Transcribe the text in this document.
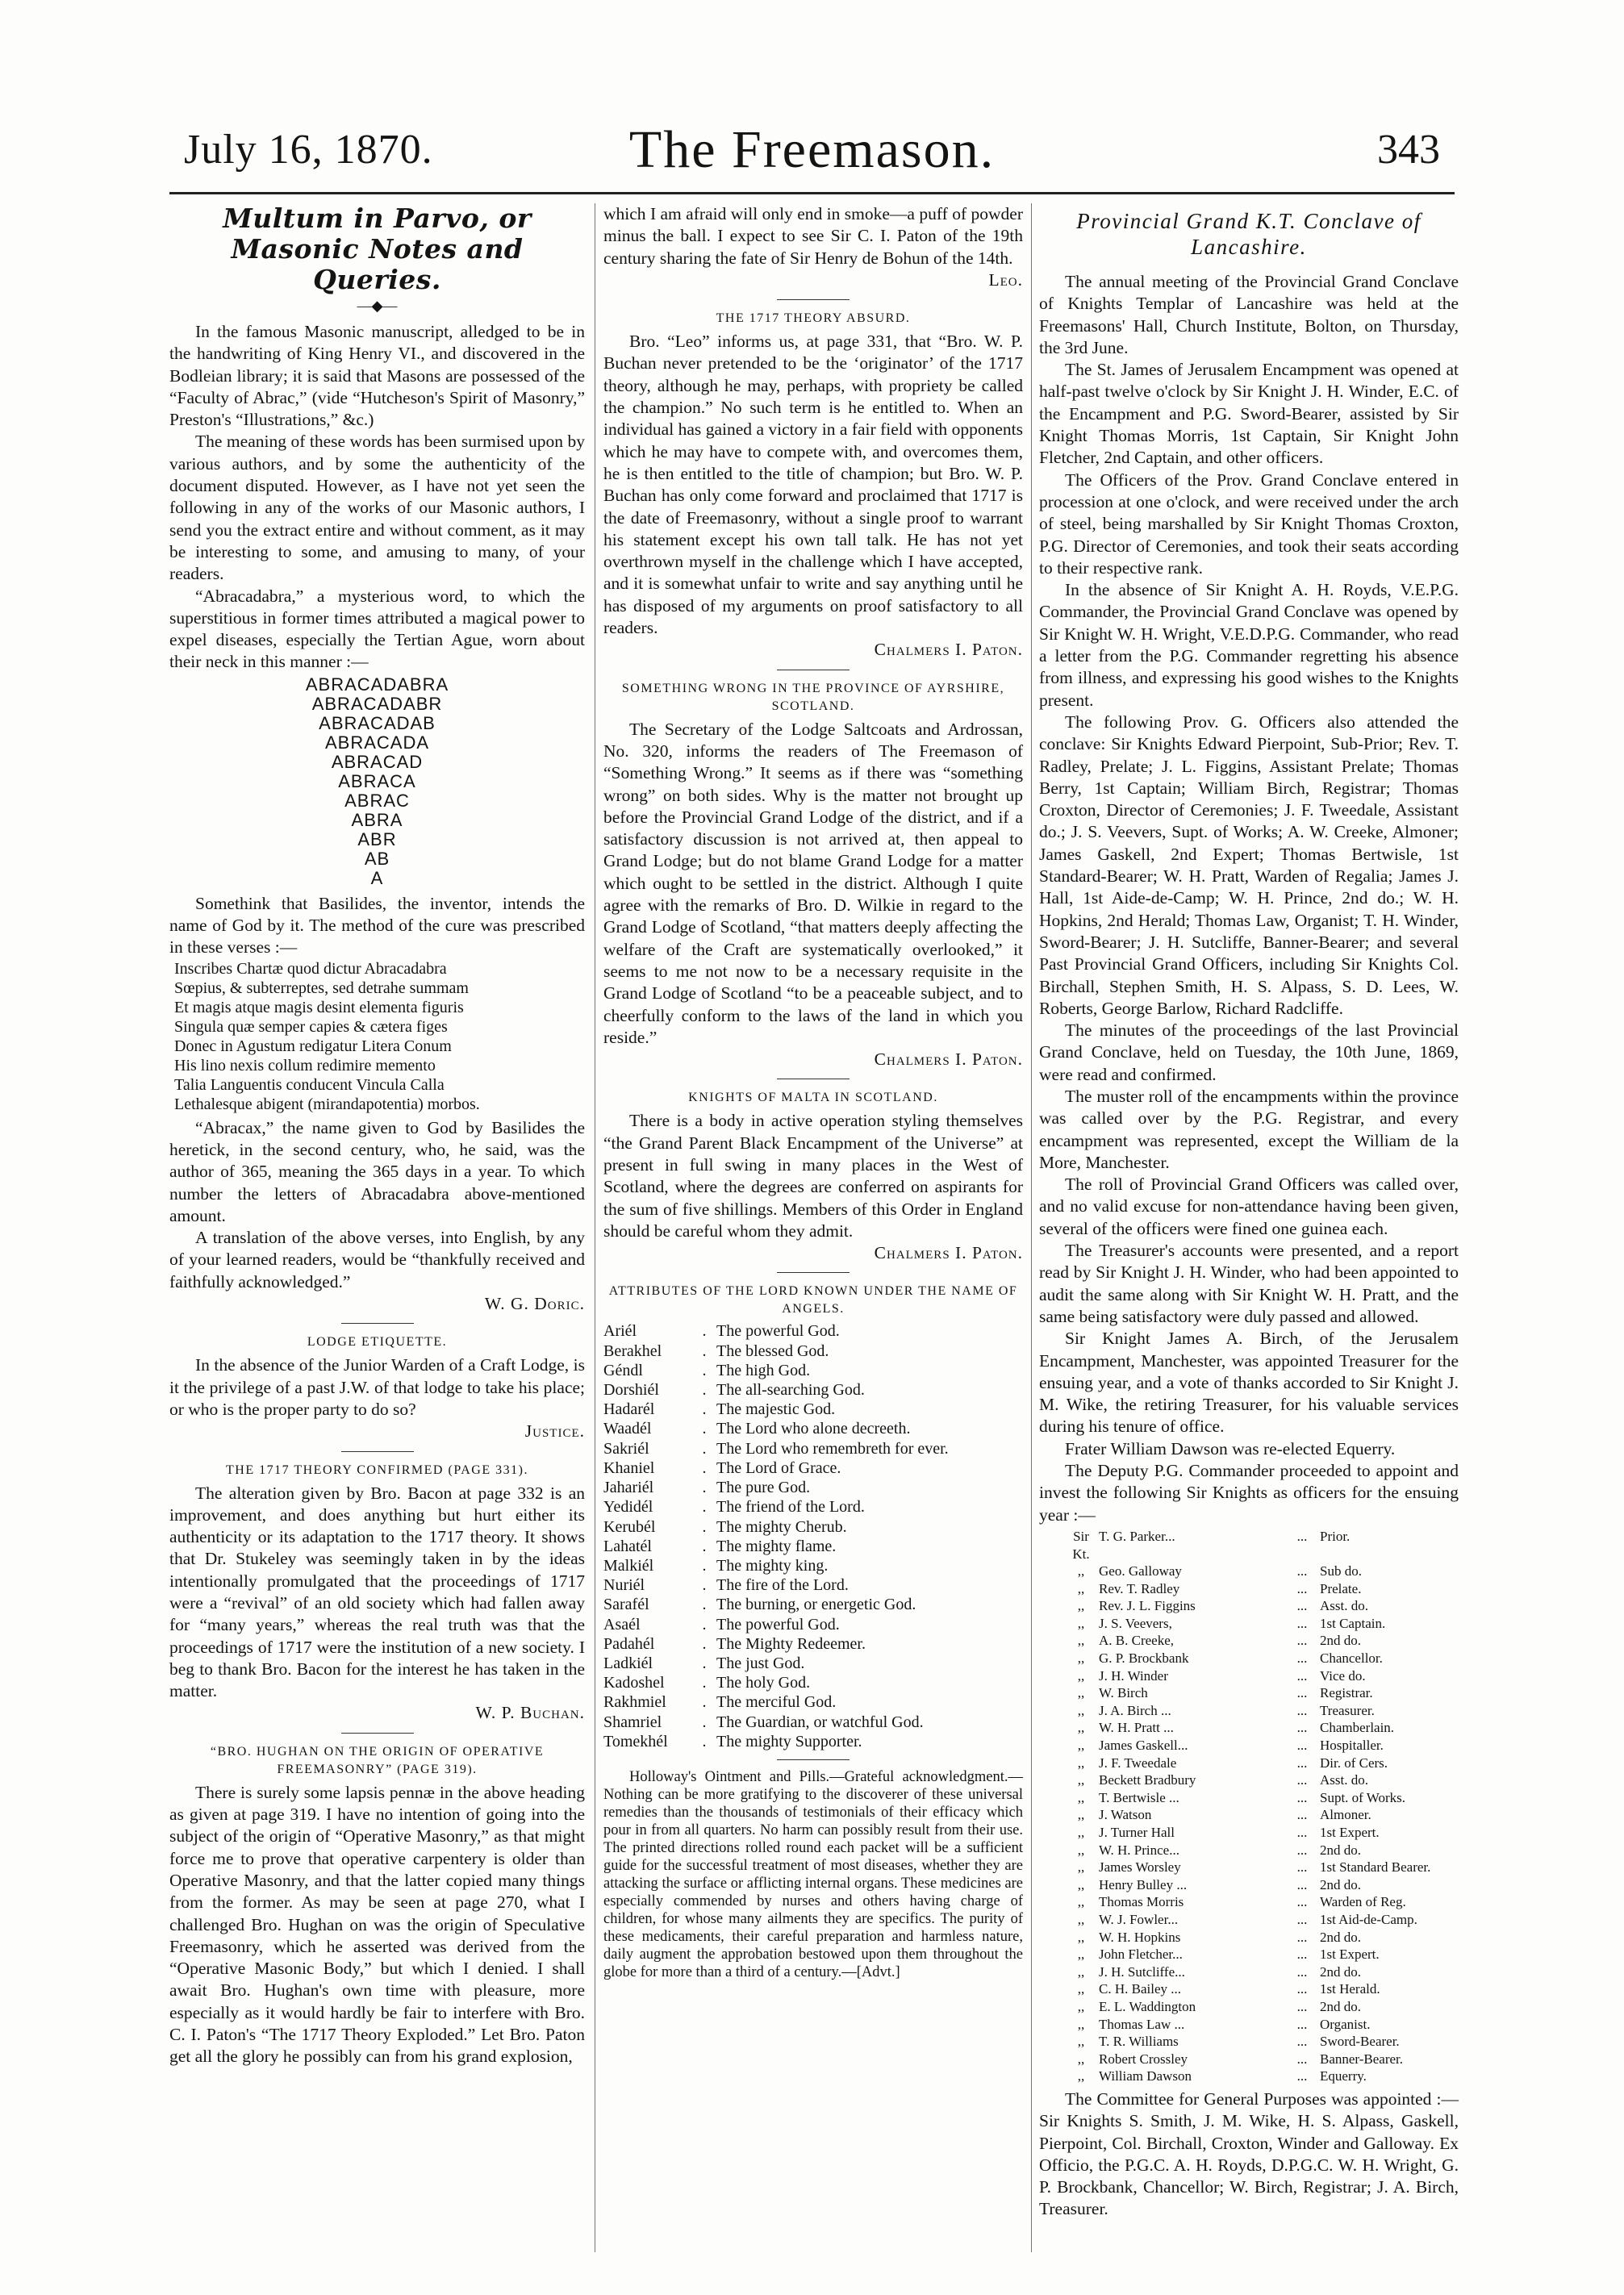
July 16, 1870.	The Freemason.	343
Multum in Parvo, or Masonic Notes and Queries.
—◆—

In the famous Masonic manuscript, alledged to be in the handwriting of King Henry VI., and discovered in the Bodleian library; it is said that Masons are possessed of the “Faculty of Abrac,” (vide “Hutcheson's Spirit of Masonry,” Preston's “Illustrations,” &c.)

The meaning of these words has been surmised upon by various authors, and by some the authenticity of the document disputed. However, as I have not yet seen the following in any of the works of our Masonic authors, I send you the extract entire and without comment, as it may be interesting to some, and amusing to many, of your readers.

“Abracadabra,” a mysterious word, to which the superstitious in former times attributed a magical power to expel diseases, especially the Tertian Ague, worn about their neck in this manner :—

ABRACADABRA
ABRACADABR
ABRACADAB
ABRACADA
ABRACAD
ABRACA
ABRAC
ABRA
ABR
AB
A

Somethink that Basilides, the inventor, intends the name of God by it. The method of the cure was prescribed in these verses :—

Inscribes Chartæ quod dictur Abracadabra
Sœpius, & subterreptes, sed detrahe summam
Et magis atque magis desint elementa figuris
Singula quæ semper capies & cætera figes
Donec in Agustum redigatur Litera Conum
His lino nexis collum redimire memento
Talia Languentis conducent Vincula Calla
Lethalesque abigent (mirandapotentia) morbos.

“Abracax,” the name given to God by Basilides the heretick, in the second century, who, he said, was the author of 365, meaning the 365 days in a year. To which number the letters of Abracadabra above-mentioned amount.

A translation of the above verses, into English, by any of your learned readers, would be “thankfully received and faithfully acknowledged.”

W. G. Doric.
LODGE ETIQUETTE.

In the absence of the Junior Warden of a Craft Lodge, is it the privilege of a past J.W. of that lodge to take his place; or who is the proper party to do so?

Justice.
THE 1717 THEORY CONFIRMED (PAGE 331).

The alteration given by Bro. Bacon at page 332 is an improvement, and does anything but hurt either its authenticity or its adaptation to the 1717 theory. It shows that Dr. Stukeley was seemingly taken in by the ideas intentionally promulgated that the proceedings of 1717 were a “revival” of an old society which had fallen away for “many years,” whereas the real truth was that the proceedings of 1717 were the institution of a new society. I beg to thank Bro. Bacon for the interest he has taken in the matter.

W. P. Buchan.
“BRO. HUGHAN ON THE ORIGIN OF OPERATIVE FREEMASONRY” (PAGE 319).

There is surely some lapsis pennæ in the above heading as given at page 319. I have no intention of going into the subject of the origin of “Operative Masonry,” as that might force me to prove that operative carpentery is older than Operative Masonry, and that the latter copied many things from the former. As may be seen at page 270, what I challenged Bro. Hughan on was the origin of Speculative Freemasonry, which he asserted was derived from the “Operative Masonic Body,” but which I denied. I shall await Bro. Hughan's own time with pleasure, more especially as it would hardly be fair to interfere with Bro. C. I. Paton's “The 1717 Theory Exploded.” Let Bro. Paton get all the glory he possibly can from his grand explosion,

which I am afraid will only end in smoke—a puff of powder minus the ball. I expect to see Sir C. I. Paton of the 19th century sharing the fate of Sir Henry de Bohun of the 14th.

Leo.
THE 1717 THEORY ABSURD.

Bro. “Leo” informs us, at page 331, that “Bro. W. P. Buchan never pretended to be the ‘originator’ of the 1717 theory, although he may, perhaps, with propriety be called the champion.” No such term is he entitled to. When an individual has gained a victory in a fair field with opponents which he may have to compete with, and overcomes them, he is then entitled to the title of champion; but Bro. W. P. Buchan has only come forward and proclaimed that 1717 is the date of Freemasonry, without a single proof to warrant his statement except his own tall talk. He has not yet overthrown myself in the challenge which I have accepted, and it is somewhat unfair to write and say anything until he has disposed of my arguments on proof satisfactory to all readers.

Chalmers I. Paton.
SOMETHING WRONG IN THE PROVINCE OF AYRSHIRE, SCOTLAND.

The Secretary of the Lodge Saltcoats and Ardrossan, No. 320, informs the readers of The Freemason of “Something Wrong.” It seems as if there was “something wrong” on both sides. Why is the matter not brought up before the Provincial Grand Lodge of the district, and if a satisfactory discussion is not arrived at, then appeal to Grand Lodge; but do not blame Grand Lodge for a matter which ought to be settled in the district. Although I quite agree with the remarks of Bro. D. Wilkie in regard to the Grand Lodge of Scotland, “that matters deeply affecting the welfare of the Craft are systematically overlooked,” it seems to me not now to be a necessary requisite in the Grand Lodge of Scotland “to be a peaceable subject, and to cheerfully conform to the laws of the land in which you reside.”

Chalmers I. Paton.
KNIGHTS OF MALTA IN SCOTLAND.

There is a body in active operation styling themselves “the Grand Parent Black Encampment of the Universe” at present in full swing in many places in the West of Scotland, where the degrees are conferred on aspirants for the sum of five shillings. Members of this Order in England should be careful whom they admit.

Chalmers I. Paton.
ATTRIBUTES OF THE LORD KNOWN UNDER THE NAME OF ANGELS.
Ariél	.	The powerful God.
Berakhel	.	The blessed God.
Géndl	.	The high God.
Dorshiél	.	The all-searching God.
Hadarél	.	The majestic God.
Waadél	.	The Lord who alone decreeth.
Sakriél	.	The Lord who remembreth for ever.
Khaniel	.	The Lord of Grace.
Jahariél	.	The pure God.
Yedidél	.	The friend of the Lord.
Kerubél	.	The mighty Cherub.
Lahatél	.	The mighty flame.
Malkiél	.	The mighty king.
Nuriél	.	The fire of the Lord.
Sarafél	.	The burning, or energetic God.
Asaél	.	The powerful God.
Padahél	.	The Mighty Redeemer.
Ladkiél	.	The just God.
Kadoshel	.	The holy God.
Rakhmiel	.	The merciful God.
Shamriel	.	The Guardian, or watchful God.
Tomekhél	.	The mighty Supporter.

Holloway's Ointment and Pills.—Grateful acknowledgment.—Nothing can be more gratifying to the discoverer of these universal remedies than the thousands of testimonials of their efficacy which pour in from all quarters. No harm can possibly result from their use. The printed directions rolled round each packet will be a sufficient guide for the successful treatment of most diseases, whether they are attacking the surface or afflicting internal organs. These medicines are especially commended by nurses and others having charge of children, for whose many ailments they are specifics. The purity of these medicaments, their careful preparation and harmless nature, daily augment the approbation bestowed upon them throughout the globe for more than a third of a century.—[Advt.]

Provincial Grand K.T. Conclave of Lancashire.

The annual meeting of the Provincial Grand Conclave of Knights Templar of Lancashire was held at the Freemasons' Hall, Church Institute, Bolton, on Thursday, the 3rd June.

The St. James of Jerusalem Encampment was opened at half-past twelve o'clock by Sir Knight J. H. Winder, E.C. of the Encampment and P.G. Sword-Bearer, assisted by Sir Knight Thomas Morris, 1st Captain, Sir Knight John Fletcher, 2nd Captain, and other officers.

The Officers of the Prov. Grand Conclave entered in procession at one o'clock, and were received under the arch of steel, being marshalled by Sir Knight Thomas Croxton, P.G. Director of Ceremonies, and took their seats according to their respective rank.

In the absence of Sir Knight A. H. Royds, V.E.P.G. Commander, the Provincial Grand Conclave was opened by Sir Knight W. H. Wright, V.E.D.P.G. Commander, who read a letter from the P.G. Commander regretting his absence from illness, and expressing his good wishes to the Knights present.

The following Prov. G. Officers also attended the conclave: Sir Knights Edward Pierpoint, Sub-Prior; Rev. T. Radley, Prelate; J. L. Figgins, Assistant Prelate; Thomas Berry, 1st Captain; William Birch, Registrar; Thomas Croxton, Director of Ceremonies; J. F. Tweedale, Assistant do.; J. S. Veevers, Supt. of Works; A. W. Creeke, Almoner; James Gaskell, 2nd Expert; Thomas Bertwisle, 1st Standard-Bearer; W. H. Pratt, Warden of Regalia; James J. Hall, 1st Aide-de-Camp; W. H. Prince, 2nd do.; W. H. Hopkins, 2nd Herald; Thomas Law, Organist; T. H. Winder, Sword-Bearer; J. H. Sutcliffe, Banner-Bearer; and several Past Provincial Grand Officers, including Sir Knights Col. Birchall, Stephen Smith, H. S. Alpass, S. D. Lees, W. Roberts, George Barlow, Richard Radcliffe.

The minutes of the proceedings of the last Provincial Grand Conclave, held on Tuesday, the 10th June, 1869, were read and confirmed.

The muster roll of the encampments within the province was called over by the P.G. Registrar, and every encampment was represented, except the William de la More, Manchester.

The roll of Provincial Grand Officers was called over, and no valid excuse for non-attendance having been given, several of the officers were fined one guinea each.

The Treasurer's accounts were presented, and a report read by Sir Knight J. H. Winder, who had been appointed to audit the same along with Sir Knight W. H. Pratt, and the same being satisfactory were duly passed and allowed.

Sir Knight James A. Birch, of the Jerusalem Encampment, Manchester, was appointed Treasurer for the ensuing year, and a vote of thanks accorded to Sir Knight J. M. Wike, the retiring Treasurer, for his valuable services during his tenure of office.

Frater William Dawson was re-elected Equerry.

The Deputy P.G. Commander proceeded to appoint and invest the following Sir Knights as officers for the ensuing year :—

Sir Kt.	T. G. Parker...	...	Prior.
,,	Geo. Galloway	...	Sub do.
,,	Rev. T. Radley	...	Prelate.
,,	Rev. J. L. Figgins	...	Asst. do.
,,	J. S. Veevers,	...	1st Captain.
,,	A. B. Creeke,	...	2nd do.
,,	G. P. Brockbank	...	Chancellor.
,,	J. H. Winder	...	Vice do.
,,	W. Birch	...	Registrar.
,,	J. A. Birch ...	...	Treasurer.
,,	W. H. Pratt ...	...	Chamberlain.
,,	James Gaskell...	...	Hospitaller.
,,	J. F. Tweedale	...	Dir. of Cers.
,,	Beckett Bradbury	...	Asst. do.
,,	T. Bertwisle ...	...	Supt. of Works.
,,	J. Watson	...	Almoner.
,,	J. Turner Hall	...	1st Expert.
,,	W. H. Prince...	...	2nd do.
,,	James Worsley	...	1st Standard Bearer.
,,	Henry Bulley ...	...	2nd do.
,,	Thomas Morris	...	Warden of Reg.
,,	W. J. Fowler...	...	1st Aid-de-Camp.
,,	W. H. Hopkins	...	2nd do.
,,	John Fletcher...	...	1st Expert.
,,	J. H. Sutcliffe...	...	2nd do.
,,	C. H. Bailey ...	...	1st Herald.
,,	E. L. Waddington	...	2nd do.
,,	Thomas Law ...	...	Organist.
,,	T. R. Williams	...	Sword-Bearer.
,,	Robert Crossley	...	Banner-Bearer.
,,	William Dawson	...	Equerry.

The Committee for General Purposes was appointed :—Sir Knights S. Smith, J. M. Wike, H. S. Alpass, Gaskell, Pierpoint, Col. Birchall, Croxton, Winder and Galloway. Ex Officio, the P.G.C. A. H. Royds, D.P.G.C. W. H. Wright, G. P. Brockbank, Chancellor; W. Birch, Registrar; J. A. Birch, Treasurer.
